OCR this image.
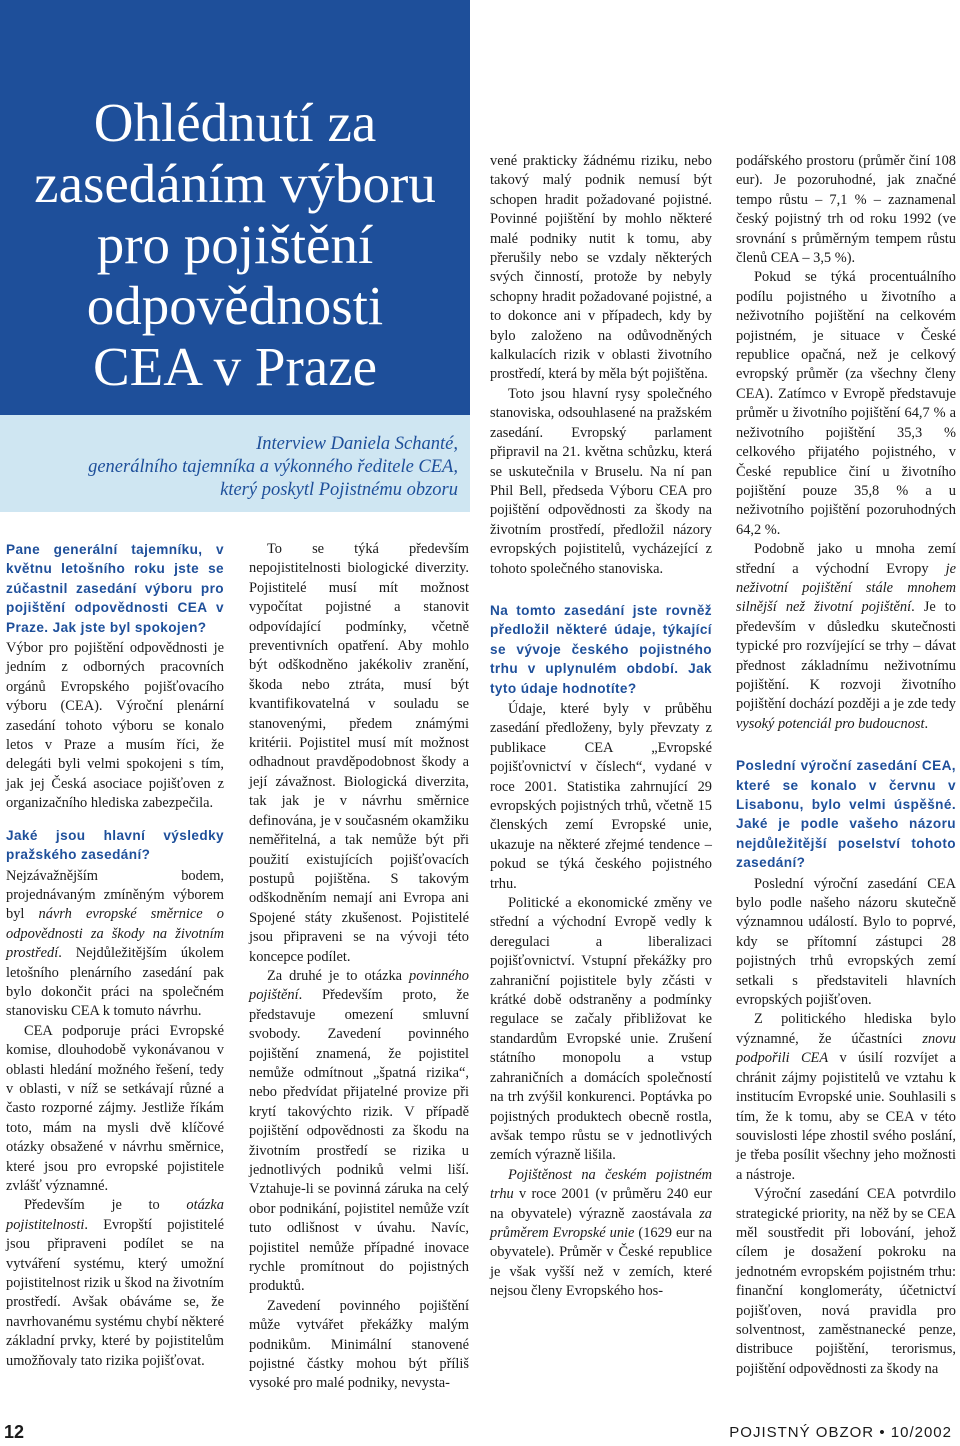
Ohlédnutí za
zasedáním výboru
pro pojištění
odpovědnosti
CEA v Praze

Interview Daniela Schanté,
generálního tajemníka a výkonného ředitele CEA,
který poskytl Pojistnému obzoru

Pane generální tajemníku, v květnu letošního roku jste se zúčastnil zasedání výboru pro pojištění odpovědnosti CEA v Praze. Jak jste byl spokojen?

Výbor pro pojištění odpovědnosti je jedním z odborných pracovních orgánů Evropského pojišťovacího výboru (CEA). Výroční plenární zasedání tohoto výboru se konalo letos v Praze a musím říci, že delegáti byli velmi spokojeni s tím, jak jej Česká asociace pojišťoven z organizačního hlediska zabezpečila.

Jaké jsou hlavní výsledky pražského zasedání?

Nejzávažnějším bodem, projednávaným zmíněným výborem byl návrh evropské směrnice o odpovědnosti za škody na životním prostředí. Nejdůležitějším úkolem letošního plenárního zasedání pak bylo dokončit práci na společném stanovisku CEA k tomuto návrhu.

CEA podporuje práci Evropské komise, dlouhodobě vykonávanou v oblasti hledání možného řešení, tedy v oblasti, v níž se setkávají různé a často rozporné zájmy. Jestliže říkám toto, mám na mysli dvě klíčové otázky obsažené v návrhu směrnice, které jsou pro evropské pojistitele zvlášť významné.

Především je to otázka pojistitelnosti. Evropští pojistitelé jsou připraveni podílet se na vytváření systému, který umožní pojistitelnost rizik u škod na životním prostředí. Avšak obáváme se, že navrhovanému systému chybí některé základní prvky, které by pojistitelům umožňovaly tato rizika pojišťovat.

To se týká především nepojistitelnosti biologické diverzity. Pojistitelé musí mít možnost vypočítat pojistné a stanovit odpovídající podmínky, včetně preventivních opatření. Aby mohlo být odškodněno jakékoliv zranění, škoda nebo ztráta, musí být kvantifikovatelná v souladu se stanovenými, předem známými kritérii. Pojistitel musí mít možnost odhadnout pravděpodobnost škody a její závažnost. Biologická diverzita, tak jak je v návrhu směrnice definována, je v současném okamžiku neměřitelná, a tak nemůže být při použití existujících pojišťovacích postupů pojištěna. S takovým odškodněním nemají ani Evropa ani Spojené státy zkušenost. Pojistitelé jsou připraveni se na vývoji této koncepce podílet.

Za druhé je to otázka povinného pojištění. Především proto, že představuje omezení smluvní svobody. Zavedení povinného pojištění znamená, že pojistitel nemůže odmítnout „špatná rizika“, nebo předvídat přijatelné provize při krytí takovýchto rizik. V případě pojištění odpovědnosti za škodu na životním prostředí se rizika u jednotlivých podniků velmi liší. Vztahuje-li se povinná záruka na celý obor podnikání, pojistitel nemůže vzít tuto odlišnost v úvahu. Navíc, pojistitel nemůže případné inovace rychle promítnout do pojistných produktů.

Zavedení povinného pojištění může vytvářet překážky malým podnikům. Minimální stanovené pojistné částky mohou být příliš vysoké pro malé podniky, nevysta-

vené prakticky žádnému riziku, nebo takový malý podnik nemusí být schopen hradit požadované pojistné. Povinné pojištění by mohlo některé malé podniky nutit k tomu, aby přerušily nebo se vzdaly některých svých činností, protože by nebyly schopny hradit požadované pojistné, a to dokonce ani v případech, kdy by bylo založeno na odůvodněných kalkulacích rizik v oblasti životního prostředí, která by měla být pojištěna.

Toto jsou hlavní rysy společného stanoviska, odsouhlasené na pražském zasedání. Evropský parlament připravil na 21. května schůzku, která se uskutečnila v Bruselu. Na ní pan Phil Bell, předseda Výboru CEA pro pojištění odpovědnosti za škody na životním prostředí, předložil názory evropských pojistitelů, vycházející z tohoto společného stanoviska.

Na tomto zasedání jste rovněž předložil některé údaje, týkající se vývoje českého pojistného trhu v uplynulém období. Jak tyto údaje hodnotíte?

Údaje, které byly v průběhu zasedání předloženy, byly převzaty z publikace CEA „Evropské pojišťovnictví v číslech“, vydané v roce 2001. Statistika zahrnující 29 evropských pojistných trhů, včetně 15 členských zemí Evropské unie, ukazuje na některé zřejmé tendence – pokud se týká českého pojistného trhu.

Politické a ekonomické změny ve střední a východní Evropě vedly k deregulaci a liberalizaci pojišťovnictví. Vstupní překážky pro zahraniční pojistitele byly zčásti v krátké době odstraněny a podmínky regulace se začaly přibližovat ke standardům Evropské unie. Zrušení státního monopolu a vstup zahraničních a domácích společností na trh zvýšil konkurenci. Poptávka po pojistných produktech obecně rostla, avšak tempo růstu se v jednotlivých zemích výrazně lišila.

Pojištěnost na českém pojistném trhu v roce 2001 (v průměru 240 eur na obyvatele) výrazně zaostávala za průměrem Evropské unie (1629 eur na obyvatele). Průměr v České republice je však vyšší než v zemích, které nejsou členy Evropského hos-

podářského prostoru (průměr činí 108 eur). Je pozoruhodné, jak značné tempo růstu – 7,1 % – zaznamenal český pojistný trh od roku 1992 (ve srovnání s průměrným tempem růstu členů CEA – 3,5 %).

Pokud se týká procentuálního podílu pojistného u životního a neživotního pojištění na celkovém pojistném, je situace v České republice opačná, než je celkový evropský průměr (za všechny členy CEA). Zatímco v Evropě představuje průměr u životního pojištění 64,7 % a neživotního pojištění 35,3 % celkového přijatého pojistného, v České republice činí u životního pojištění pouze 35,8 % a u neživotního pojištění pozoruhodných 64,2 %.

Podobně jako u mnoha zemí střední a východní Evropy je neživotní pojištění stále mnohem silnější než životní pojištění. Je to především v důsledku skutečnosti typické pro rozvíjející se trhy – dávat přednost základnímu neživotnímu pojištění. K rozvoji životního pojištění dochází později a je zde tedy vysoký potenciál pro budoucnost.

Poslední výroční zasedání CEA, které se konalo v červnu v Lisabonu, bylo velmi úspěšné. Jaké je podle vašeho názoru nejdůležitější poselství tohoto zasedání?

Poslední výroční zasedání CEA bylo podle našeho názoru skutečně významnou událostí. Bylo to poprvé, kdy se přítomní zástupci 28 pojistných trhů evropských zemí setkali s představiteli hlavních evropských pojišťoven.

Z politického hlediska bylo významné, že účastníci znovu podpořili CEA v úsilí rozvíjet a chránit zájmy pojistitelů ve vztahu k institucím Evropské unie. Souhlasili s tím, že k tomu, aby se CEA v této souvislosti lépe zhostil svého poslání, je třeba posílit všechny jeho možnosti a nástroje.

Výroční zasedání CEA potvrdilo strategické priority, na něž by se CEA měl soustředit při lobování, jehož cílem je dosažení pokroku na jednotném evropském pojistném trhu: finanční konglomeráty, účetnictví pojišťoven, nová pravidla pro solventnost, zaměstnanecké penze, distribuce pojištění, terorismus, pojištění odpovědnosti za škody na

12	POJISTNÝ OBZOR • 10/2002
